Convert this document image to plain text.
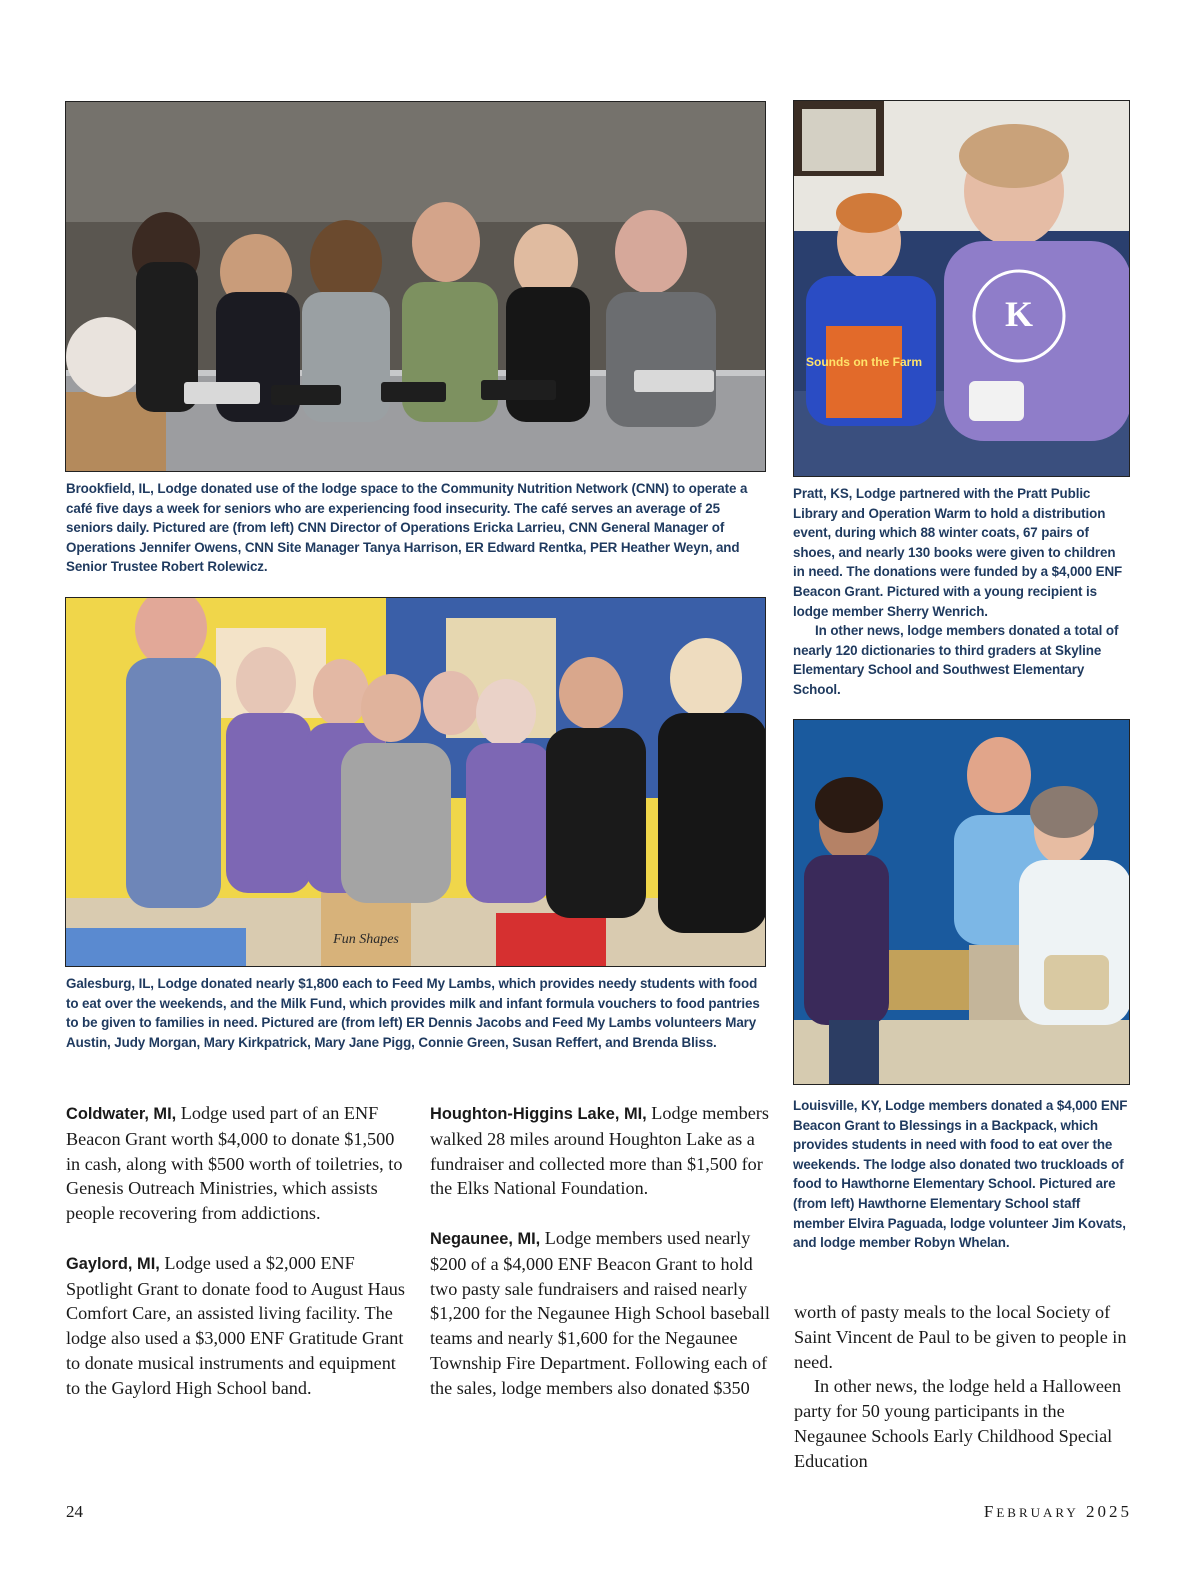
Brookfield, IL, Lodge donated use of the lodge space to the Community Nutrition Network (CNN) to operate a café five days a week for seniors who are experiencing food insecurity. The café serves an average of 25 seniors daily. Pictured are (from left) CNN Director of Operations Ericka Larrieu, CNN General Manager of Operations Jennifer Owens, CNN Site Manager Tanya Harrison, ER Edward Rentka, PER Heather Weyn, and Senior Trustee Robert Rolewicz.
Sounds on the Farm
K

Pratt, KS, Lodge partnered with the Pratt Public Library and Operation Warm to hold a distribution event, during which 88 winter coats, 67 pairs of shoes, and nearly 130 books were given to children in need. The donations were funded by a $4,000 ENF Beacon Grant. Pictured with a young recipient is lodge member Sherry Wenrich.

In other news, lodge members donated a total of nearly 120 dictionaries to third graders at Skyline Elementary School and Southwest Elementary School.

Fun Shapes
Galesburg, IL, Lodge donated nearly $1,800 each to Feed My Lambs, which provides needy students with food to eat over the weekends, and the Milk Fund, which provides milk and infant formula vouchers to food pantries to be given to families in need. Pictured are (from left) ER Dennis Jacobs and Feed My Lambs volunteers Mary Austin, Judy Morgan, Mary Kirkpatrick, Mary Jane Pigg, Connie Green, Susan Reffert, and Brenda Bliss.
Louisville, KY, Lodge members donated a $4,000 ENF Beacon Grant to Blessings in a Backpack, which provides students in need with food to eat over the weekends. The lodge also donated two truckloads of food to Hawthorne Elementary School. Pictured are (from left) Hawthorne Elementary School staff member Elvira Paguada, lodge volunteer Jim Kovats, and lodge member Robyn Whelan.

Coldwater, MI, Lodge used part of an ENF Beacon Grant worth $4,000 to donate $1,500 in cash, along with $500 worth of toiletries, to Genesis Outreach Ministries, which assists people recovering from addictions.

Gaylord, MI, Lodge used a $2,000 ENF Spotlight Grant to donate food to August Haus Comfort Care, an assisted living facility. The lodge also used a $3,000 ENF Gratitude Grant to donate musical instruments and equipment to the Gaylord High School band.

Houghton-Higgins Lake, MI, Lodge members walked 28 miles around Houghton Lake as a fundraiser and collected more than $1,500 for the Elks National Foundation.

Negaunee, MI, Lodge members used nearly $200 of a $4,000 ENF Beacon Grant to hold two pasty sale fundraisers and raised nearly $1,200 for the Negaunee High School baseball teams and nearly $1,600 for the Negaunee Township Fire Department. Following each of the sales, lodge members also donated $350

worth of pasty meals to the local Society of Saint Vincent de Paul to be given to people in need.

In other news, the lodge held a Halloween party for 50 young participants in the Negaunee Schools Early Childhood Special Education

24	FEBRUARY 2025
